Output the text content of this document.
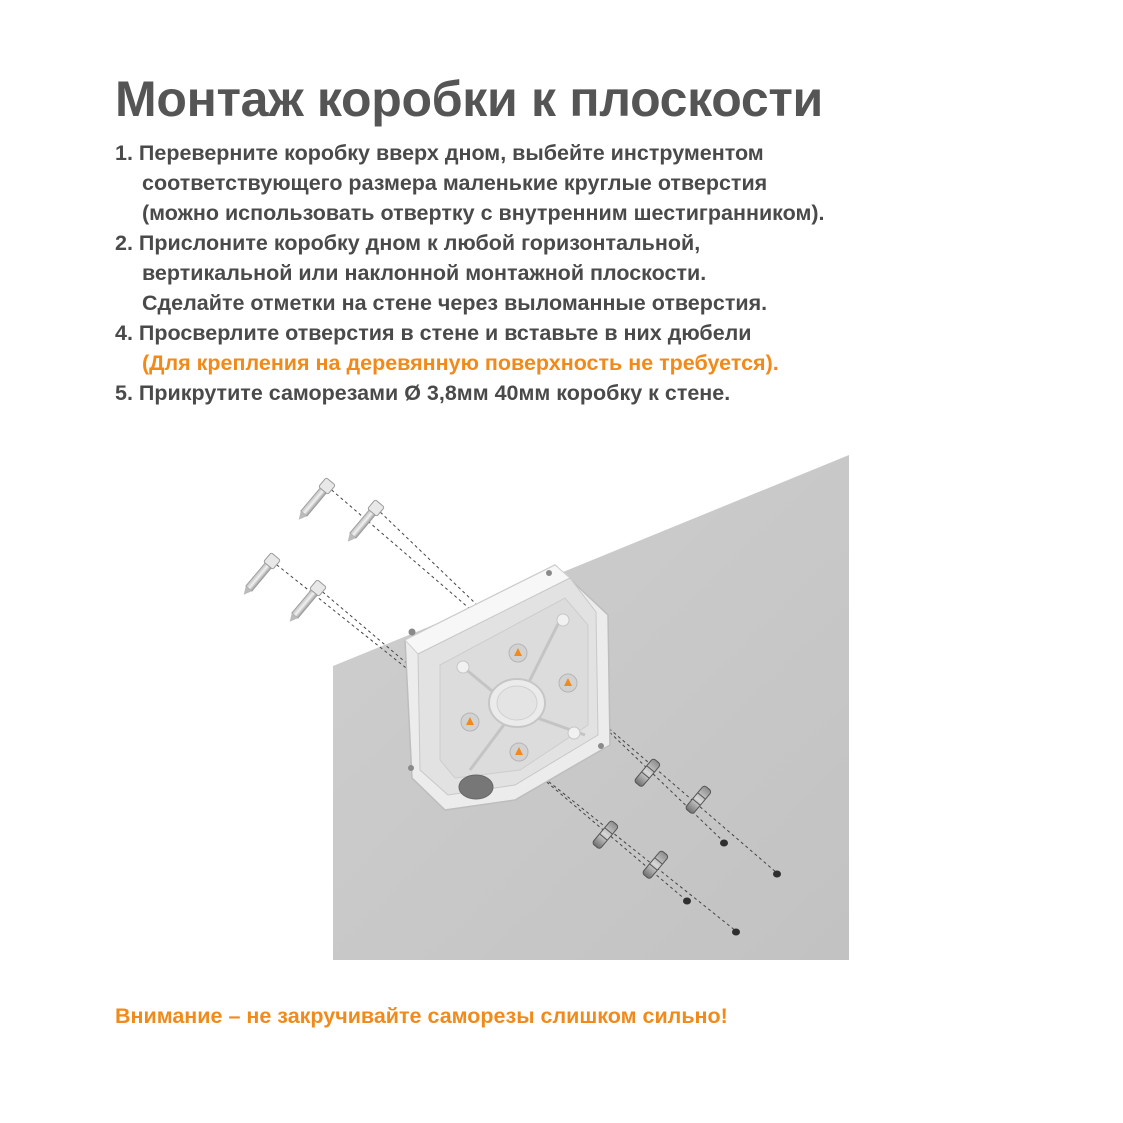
Монтаж коробки к плоскости
1. Переверните коробку вверх дном, выбейте инструментом
соответствующего размера маленькие круглые отверстия
(можно использовать отвертку с внутренним шестигранником).
2. Прислоните коробку дном к любой горизонтальной,
вертикальной или наклонной монтажной плоскости.
Сделайте отметки на стене через выломанные отверстия.
4. Просверлите отверстия в стене и вставьте в них дюбели
(Для крепления на деревянную поверхность не требуется).
5. Прикрутите саморезами Ø 3,8мм 40мм коробку к стене.
Внимание – не закручивайте саморезы слишком сильно!
